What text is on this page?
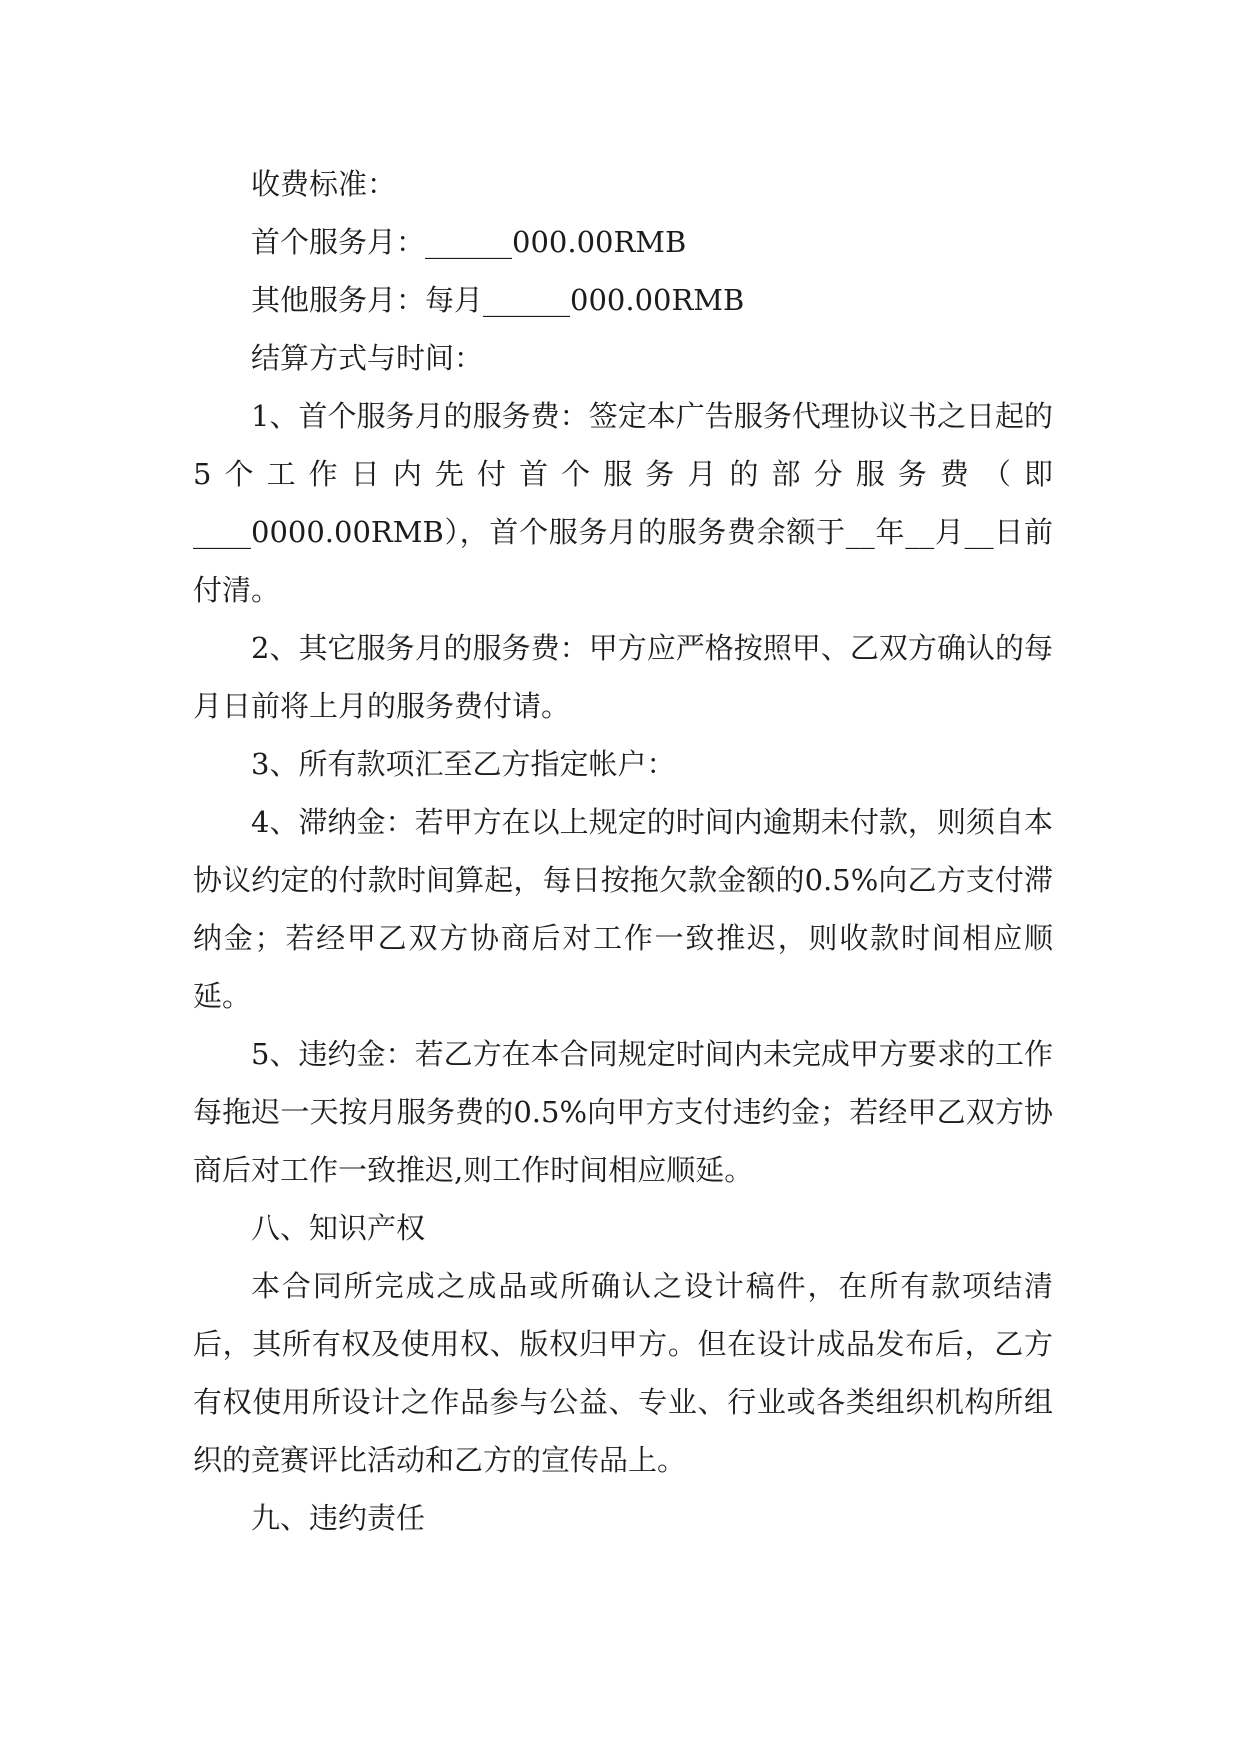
收费标准：

首个服务月：______000.00RMB

其他服务月：每月______000.00RMB

结算方式与时间：

1、首个服务月的服务费：签定本广告服务代理协议书之日起的5个工作日内先付首个服务月的部分服务费（即____0000.00RMB），首个服务月的服务费余额于__年__月__日前付清。

2、其它服务月的服务费：甲方应严格按照甲、乙双方确认的每月日前将上月的服务费付请。

3、所有款项汇至乙方指定帐户：

4、滞纳金：若甲方在以上规定的时间内逾期未付款，则须自本协议约定的付款时间算起，每日按拖欠款金额的0.5%向乙方支付滞纳金；若经甲乙双方协商后对工作一致推迟，则收款时间相应顺延。

5、违约金：若乙方在本合同规定时间内未完成甲方要求的工作每拖迟一天按月服务费的0.5%向甲方支付违约金；若经甲乙双方协商后对工作一致推迟,则工作时间相应顺延。

八、知识产权

本合同所完成之成品或所确认之设计稿件，在所有款项结清后，其所有权及使用权、版权归甲方。但在设计成品发布后，乙方有权使用所设计之作品参与公益、专业、行业或各类组织机构所组织的竞赛评比活动和乙方的宣传品上。

九、违约责任
